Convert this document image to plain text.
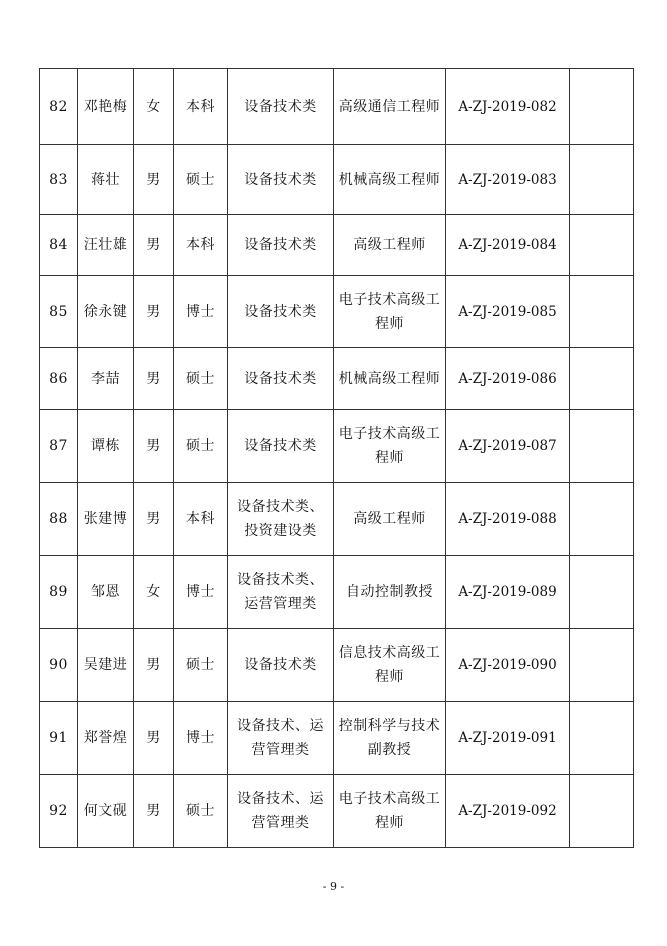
82	邓艳梅	女	本科	设备技术类	高级通信工程师	A-ZJ-2019-082	
83	蒋壮	男	硕士	设备技术类	机械高级工程师	A-ZJ-2019-083	
84	汪壮雄	男	本科	设备技术类	高级工程师	A-ZJ-2019-084	
85	徐永键	男	博士	设备技术类	电子技术高级工程师	A-ZJ-2019-085	
86	李喆	男	硕士	设备技术类	机械高级工程师	A-ZJ-2019-086	
87	谭栋	男	硕士	设备技术类	电子技术高级工程师	A-ZJ-2019-087	
88	张建博	男	本科	设备技术类、投资建设类	高级工程师	A-ZJ-2019-088	
89	邹恩	女	博士	设备技术类、运营管理类	自动控制教授	A-ZJ-2019-089	
90	吴建进	男	硕士	设备技术类	信息技术高级工程师	A-ZJ-2019-090	
91	郑誉煌	男	博士	设备技术、运营管理类	控制科学与技术副教授	A-ZJ-2019-091	
92	何文砚	男	硕士	设备技术、运营管理类	电子技术高级工程师	A-ZJ-2019-092	
- 9 -
